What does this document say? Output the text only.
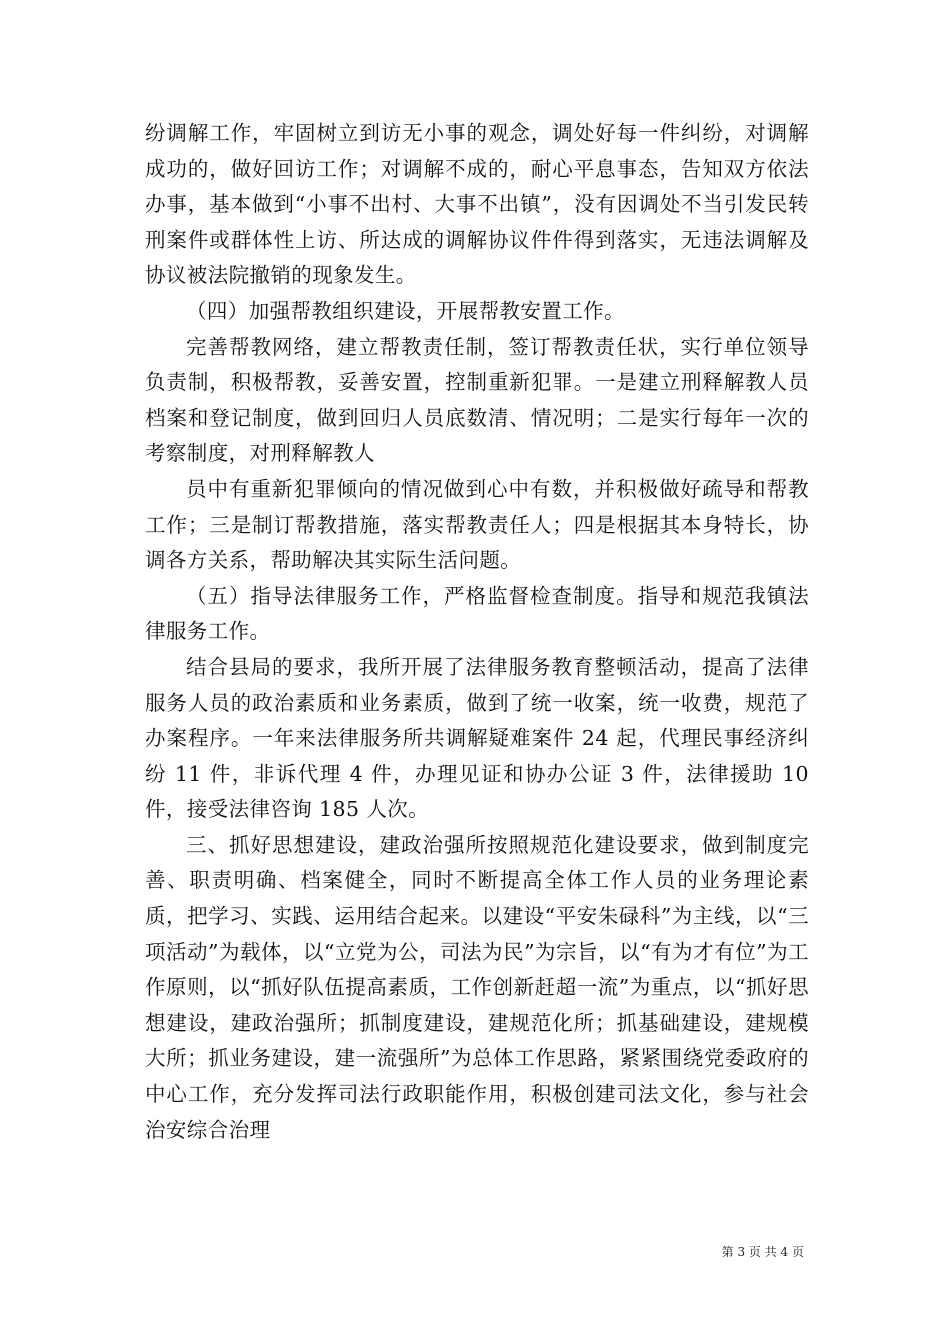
纷调解工作，牢固树立到访无小事的观念，调处好每一件纠纷，对调解成功的，做好回访工作；对调解不成的，耐心平息事态，告知双方依法办事，基本做到“小事不出村、大事不出镇”，没有因调处不当引发民转刑案件或群体性上访、所达成的调解协议件件得到落实，无违法调解及协议被法院撤销的现象发生。

（四）加强帮教组织建设，开展帮教安置工作。

完善帮教网络，建立帮教责任制，签订帮教责任状，实行单位领导负责制，积极帮教，妥善安置，控制重新犯罪。一是建立刑释解教人员档案和登记制度，做到回归人员底数清、情况明；二是实行每年一次的考察制度，对刑释解教人

员中有重新犯罪倾向的情况做到心中有数，并积极做好疏导和帮教工作；三是制订帮教措施，落实帮教责任人；四是根据其本身特长，协调各方关系，帮助解决其实际生活问题。

（五）指导法律服务工作，严格监督检查制度。指导和规范我镇法律服务工作。

结合县局的要求，我所开展了法律服务教育整顿活动，提高了法律服务人员的政治素质和业务素质，做到了统一收案，统一收费，规范了办案程序。一年来法律服务所共调解疑难案件 24 起，代理民事经济纠纷 11 件，非诉代理 4 件，办理见证和协办公证 3 件，法律援助 10 件，接受法律咨询 185 人次。

三、抓好思想建设，建政治强所按照规范化建设要求，做到制度完善、职责明确、档案健全，同时不断提高全体工作人员的业务理论素质，把学习、实践、运用结合起来。以建设“平安朱碌科”为主线，以“三项活动”为载体，以“立党为公，司法为民”为宗旨，以“有为才有位”为工作原则，以“抓好队伍提高素质，工作创新赶超一流”为重点，以“抓好思想建设，建政治强所；抓制度建设，建规范化所；抓基础建设，建规模大所；抓业务建设，建一流强所”为总体工作思路，紧紧围绕党委政府的中心工作，充分发挥司法行政职能作用，积极创建司法文化，参与社会治安综合治理

第 3 页 共 4 页
